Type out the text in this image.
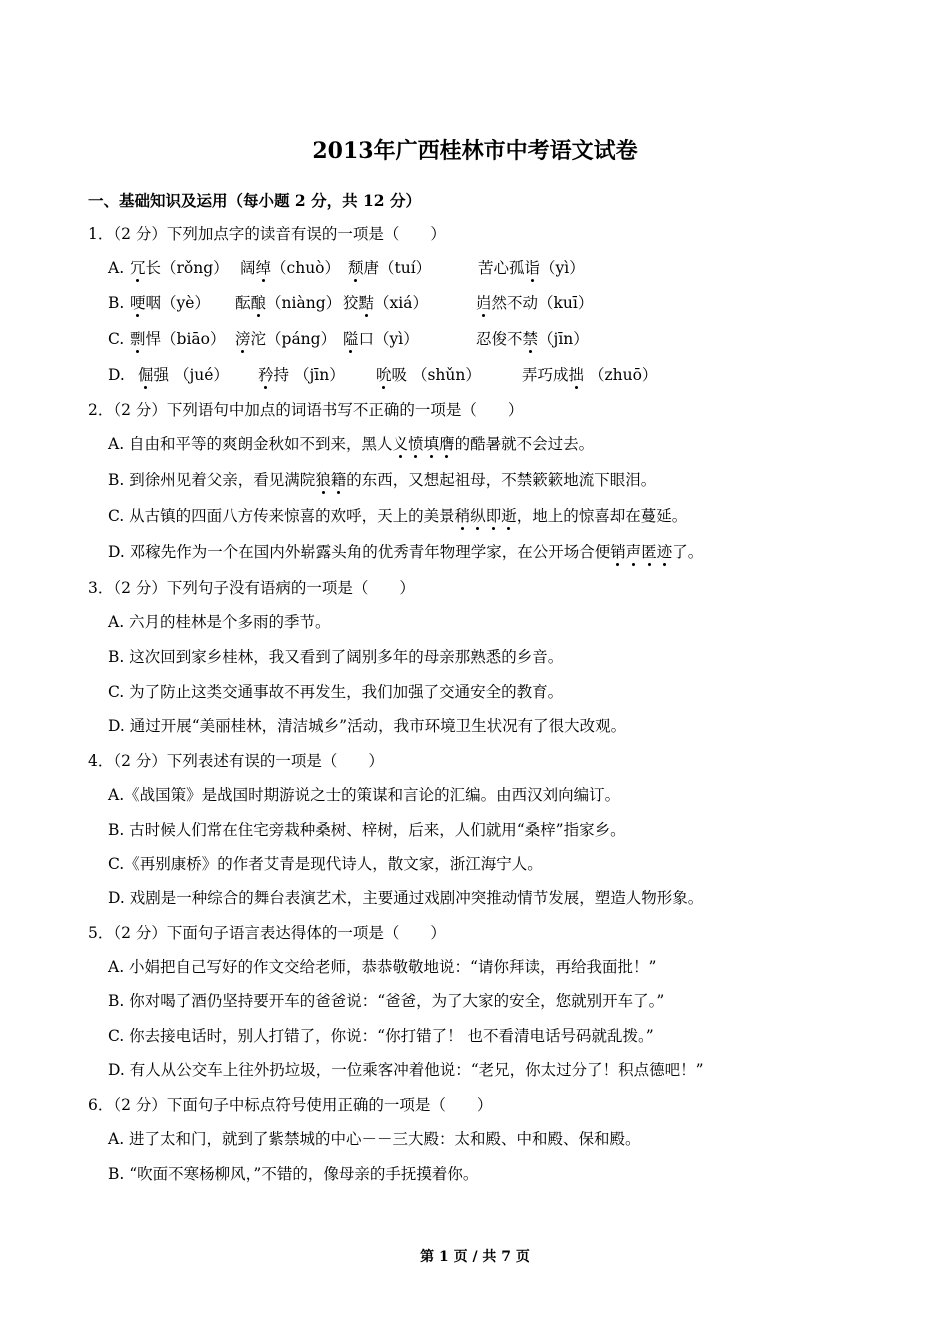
2013年广西桂林市中考语文试卷
一、基础知识及运用（每小题 2 分，共 12 分）
1．（2 分）下列加点字的读音有误的一项是（　　）
A. 冗长（rǒng） 阔绰（chuò） 颓唐（tuí）	苦心孤诣（yì）
B. 哽咽（yè） 酝酿（niàng） 狡黠（xiá）	岿然不动（kuī）
C. 剽悍（biāo） 滂沱（páng） 隘口（yì）	忍俊不禁（jīn）
D. 倔强 （jué） 矜持 （jīn） 吮吸 （shǔn）	弄巧成拙 （zhuō）
2．（2 分）下列语句中加点的词语书写不正确的一项是（　　）
A. 自由和平等的爽朗金秋如不到来，黑人义愤填膺的酷暑就不会过去。
B. 到徐州见着父亲，看见满院狼籍的东西，又想起祖母，不禁簌簌地流下眼泪。
C. 从古镇的四面八方传来惊喜的欢呼，天上的美景稍纵即逝，地上的惊喜却在蔓延。
D. 邓稼先作为一个在国内外崭露头角的优秀青年物理学家，在公开场合便销声匿迹了。
3．（2 分）下列句子没有语病的一项是（　　）
A. 六月的桂林是个多雨的季节。
B. 这次回到家乡桂林，我又看到了阔别多年的母亲那熟悉的乡音。
C. 为了防止这类交通事故不再发生，我们加强了交通安全的教育。
D. 通过开展“美丽桂林，清洁城乡”活动，我市环境卫生状况有了很大改观。
4．（2 分）下列表述有误的一项是（　　）
A.《战国策》是战国时期游说之士的策谋和言论的汇编。由西汉刘向编订。
B. 古时候人们常在住宅旁栽种桑树、梓树，后来，人们就用“桑梓”指家乡。
C.《再别康桥》的作者艾青是现代诗人，散文家，浙江海宁人。
D. 戏剧是一种综合的舞台表演艺术，主要通过戏剧冲突推动情节发展，塑造人物形象。
5．（2 分）下面句子语言表达得体的一项是（　　）
A. 小娟把自己写好的作文交给老师，恭恭敬敬地说：“请你拜读，再给我面批！”
B. 你对喝了酒仍坚持要开车的爸爸说：“爸爸，为了大家的安全，您就别开车了。”
C. 你去接电话时，别人打错了，你说：“你打错了！ 也不看清电话号码就乱拨。”
D. 有人从公交车上往外扔垃圾，一位乘客冲着他说：“老兄，你太过分了！积点德吧！”
6．（2 分）下面句子中标点符号使用正确的一项是（　　）
A. 进了太和门，就到了紫禁城的中心－－三大殿：太和殿、中和殿、保和殿。
B. “吹面不寒杨柳风，”不错的，像母亲的手抚摸着你。
第 1 页 / 共 7 页
